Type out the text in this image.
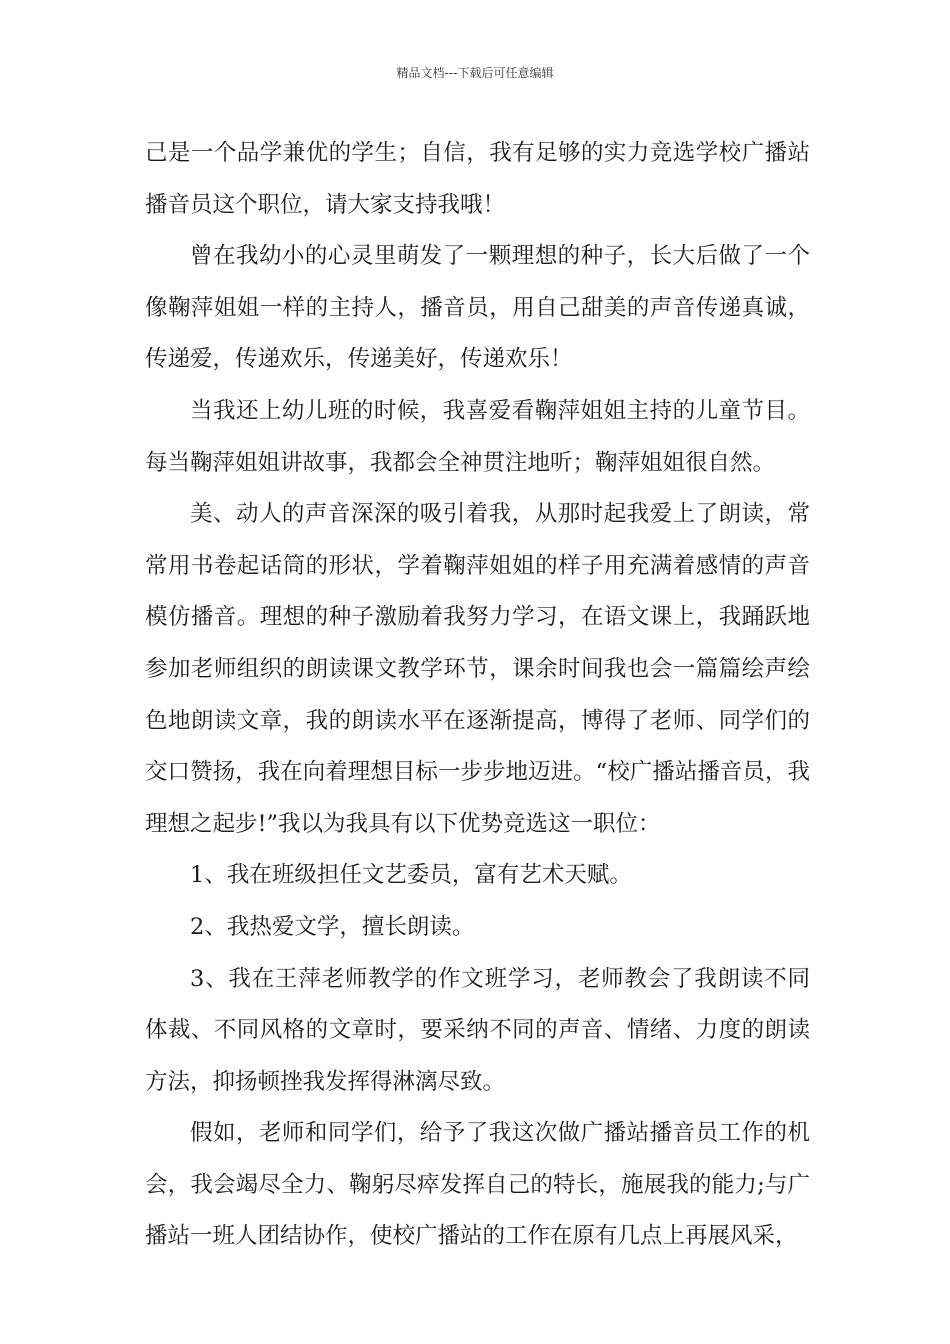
精品文档---下载后可任意编辑

己是一个品学兼优的学生；自信，我有足够的实力竞选学校广播站播音员这个职位，请大家支持我哦！

曾在我幼小的心灵里萌发了一颗理想的种子，长大后做了一个像鞠萍姐姐一样的主持人，播音员，用自己甜美的声音传递真诚，传递爱，传递欢乐，传递美好，传递欢乐！

当我还上幼儿班的时候，我喜爱看鞠萍姐姐主持的儿童节目。每当鞠萍姐姐讲故事，我都会全神贯注地听；鞠萍姐姐很自然。

美、动人的声音深深的吸引着我，从那时起我爱上了朗读，常常用书卷起话筒的形状，学着鞠萍姐姐的样子用充满着感情的声音模仿播音。理想的种子激励着我努力学习，在语文课上，我踊跃地参加老师组织的朗读课文教学环节，课余时间我也会一篇篇绘声绘色地朗读文章，我的朗读水平在逐渐提高，博得了老师、同学们的交口赞扬，我在向着理想目标一步步地迈进。“校广播站播音员，我理想之起步!”我以为我具有以下优势竞选这一职位：

1、我在班级担任文艺委员，富有艺术天赋。

2、我热爱文学，擅长朗读。

3、我在王萍老师教学的作文班学习，老师教会了我朗读不同体裁、不同风格的文章时，要采纳不同的声音、情绪、力度的朗读方法，抑扬顿挫我发挥得淋漓尽致。

假如，老师和同学们，给予了我这次做广播站播音员工作的机会，我会竭尽全力、鞠躬尽瘁发挥自己的特长，施展我的能力;与广播站一班人团结协作，使校广播站的工作在原有几点上再展风采，
